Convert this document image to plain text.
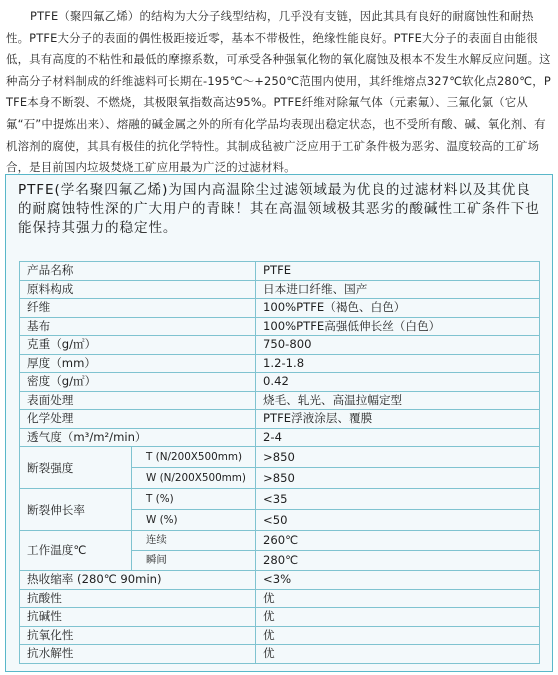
PTFE（聚四氟乙烯）的结构为大分子线型结构，几乎没有支链，因此其具有良好的耐腐蚀性和耐热性。PTFE大分子的表面的偶性极距接近零，基本不带极性，绝缘性能良好。PTFE大分子的表面自由能很低，具有高度的不粘性和最低的摩擦系数，可承受各种强氧化物的氧化腐蚀及根本不发生水解反应问题。这种高分子材料制成的纤维滤料可长期在-195℃～+250℃范围内使用，其纤维熔点327℃软化点280℃，PTFE本身不断裂、不燃烧，其极限氧指数高达95%。PTFE纤维对除氟气体（元素氟）、三氟化氯（它从氟“石”中提炼出来）、熔融的碱金属之外的所有化学品均表现出稳定状态，也不受所有酸、碱、氧化剂、有机溶剂的腐使，其具有极佳的抗化学特性。其制成毡被广泛应用于工矿条件极为恶劣、温度较高的工矿场合，是目前国内垃圾焚烧工矿应用最为广泛的过滤材料。
PTFE(学名聚四氟乙烯)为国内高温除尘过滤领域最为优良的过滤材料以及其优良的耐腐蚀特性深的广大用户的青睐！其在高温领域极其恶劣的酸碱性工矿条件下也能保持其强力的稳定性。
产品名称		PTFE
原料构成		日本进口纤维、国产
纤维		100%PTFE（褐色、白色）
基布		100%PTFE高强低伸长丝（白色）
克重（g/㎡）		750-800
厚度（mm）		1.2-1.8
密度（g/㎡）		0.42
表面处理		烧毛、轧光、高温拉幅定型
化学处理		PTFE浮液涂层、覆膜
透气度（m³/m²/min）		2-4
断裂强度	T (N/200X500mm)	>850
	W (N/200X500mm)	>850
断裂伸长率	T (%)	<35
	W (%)	<50
工作温度℃	连续	260℃
	瞬间	280℃
热收缩率 (280℃ 90min)		<3%
抗酸性		优
抗碱性		优
抗氧化性		优
抗水解性		优
